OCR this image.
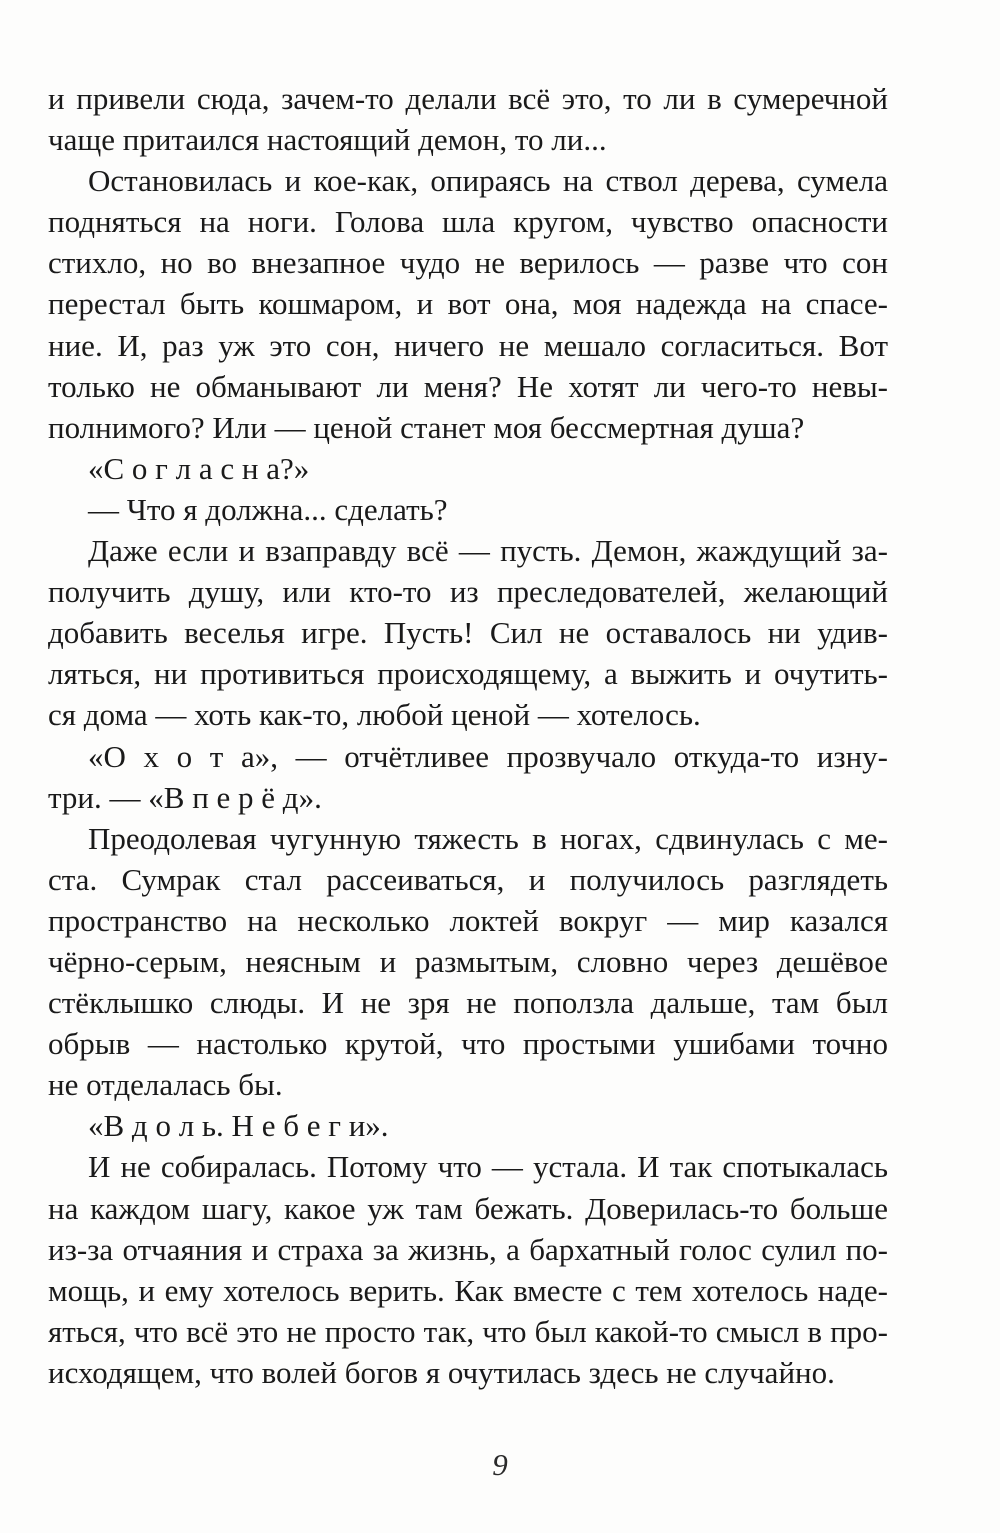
и привели сюда, зачем-то делали всё это, то ли в сумеречной
чаще притаился настоящий демон, то ли...
Остановилась и кое-как, опираясь на ствол дерева, сумела
подняться на ноги. Голова шла кругом, чувство опасности
стихло, но во внезапное чудо не верилось — разве что сон
перестал быть кошмаром, и вот она, моя надежда на спасе-
ние. И, раз уж это сон, ничего не мешало согласиться. Вот
только не обманывают ли меня? Не хотят ли чего-то невы-
полнимого? Или — ценой станет моя бессмертная душа?
«С о г л а с н а?»
— Что я должна... сделать?
Даже если и взаправду всё — пусть. Демон, жаждущий за-
получить душу, или кто-то из преследователей, желающий
добавить веселья игре. Пусть! Сил не оставалось ни удив-
ляться, ни противиться происходящему, а выжить и очутить-
ся дома — хоть как-то, любой ценой — хотелось.
«О х о т а», — отчётливее прозвучало откуда-то изну-
три. — «В п е р ё д».
Преодолевая чугунную тяжесть в ногах, сдвинулась с ме-
ста. Сумрак стал рассеиваться, и получилось разглядеть
пространство на несколько локтей вокруг — мир казался
чёрно-серым, неясным и размытым, словно через дешёвое
стёклышко слюды. И не зря не поползла дальше, там был
обрыв — настолько крутой, что простыми ушибами точно
не отделалась бы.
«В д о л ь. Н е б е г и».
И не собиралась. Потому что — устала. И так спотыкалась
на каждом шагу, какое уж там бежать. Доверилась-то больше
из-за отчаяния и страха за жизнь, а бархатный голос сулил по-
мощь, и ему хотелось верить. Как вместе с тем хотелось наде-
яться, что всё это не просто так, что был какой-то смысл в про-
исходящем, что волей богов я очутилась здесь не случайно.
9
